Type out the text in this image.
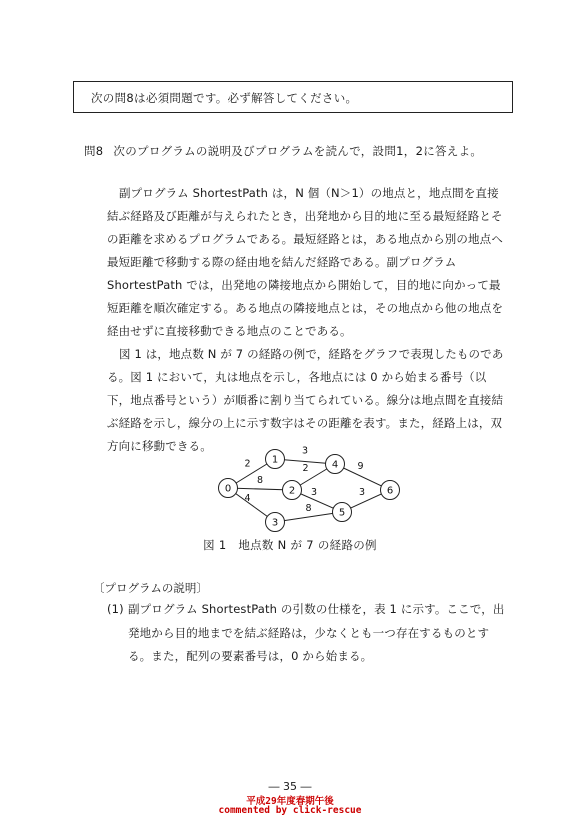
次の問8は必須問題です。必ず解答してください。
問8 次のプログラムの説明及びプログラムを読んで，設問1，2に答えよ。

副プログラム ShortestPath は，N 個（N＞1）の地点と，地点間を直接結ぶ経路及び距離が与えられたとき，出発地から目的地に至る最短経路とその距離を求めるプログラムである。最短経路とは，ある地点から別の地点へ最短距離で移動する際の経由地を結んだ経路である。副プログラム ShortestPath では，出発地の隣接地点から開始して，目的地に向かって最短距離を順次確定する。ある地点の隣接地点とは，その地点から他の地点を経由せずに直接移動できる地点のことである。

図 1 は，地点数 N が 7 の経路の例で，経路をグラフで表現したものである。図 1 において，丸は地点を示し，各地点には 0 から始まる番号（以下，地点番号という）が順番に割り当てられている。線分は地点間を直接結ぶ経路を示し，線分の上に示す数字はその距離を表す。また，経路上は，双方向に移動できる。

2
8
4
3
2
3
8
9
3
0
1
2
3
4
5
6
図 1　地点数 N が 7 の経路の例
〔プログラムの説明〕
(1) 副プログラム ShortestPath の引数の仕様を，表 1 に示す。ここで，出発地から目的地までを結ぶ経路は，少なくとも一つ存在するものとする。また，配列の要素番号は，0 から始まる。
― 35 ―
平成29年度春期午後
commented by click-rescue
